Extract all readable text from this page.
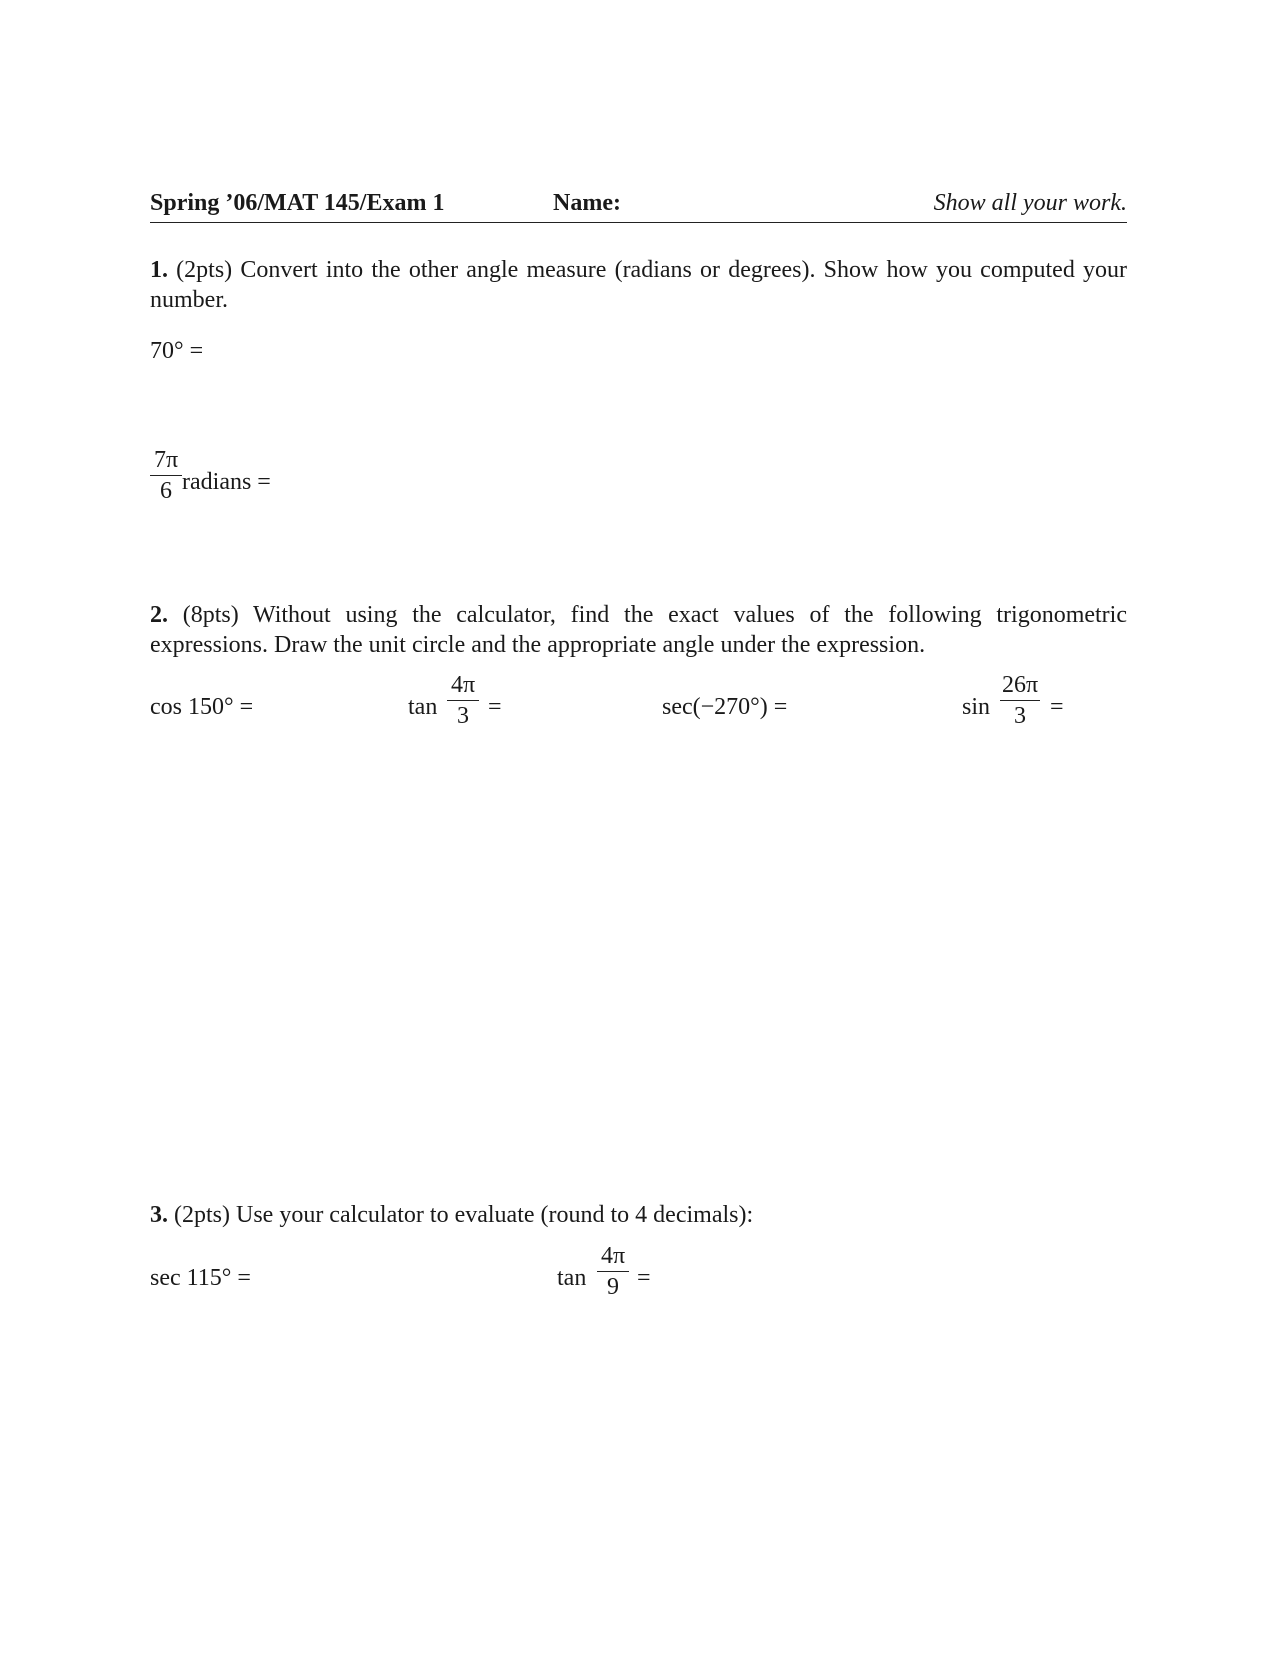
Spring ’06/MAT 145/Exam 1	Name:	Show all your work.
1. (2pts) Convert into the other angle measure (radians or degrees). Show how you computed your number.
70° =
7π
6 radians =
2. (8pts) Without using the calculator, find the exact values of the following trigonometric expressions. Draw the unit circle and the appropriate angle under the expression.
cos 150° =	tan
4π
3 =	sec(−270°) =	sin
26π
3	=
3. (2pts) Use your calculator to evaluate (round to 4 decimals):
sec 115° =	tan
4π
9 =
